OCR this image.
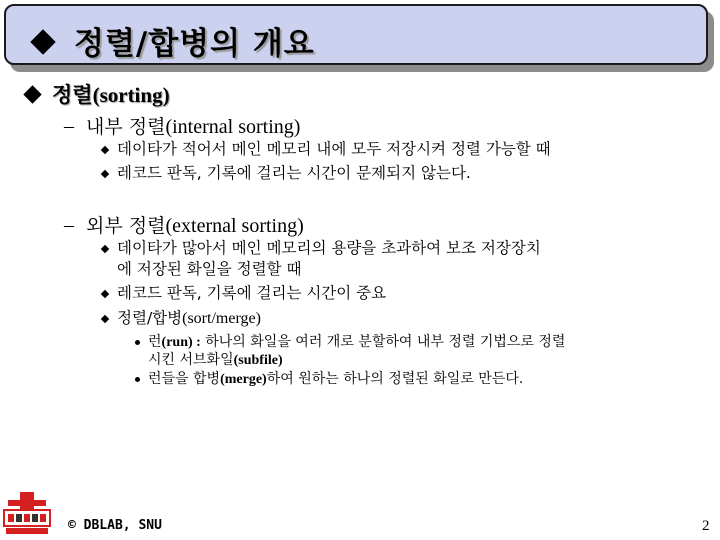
정렬/합병의 개요
정렬(sorting)
– 내부 정렬(internal sorting)
데이타가 적어서 메인 메모리 내에 모두 저장시켜 정렬 가능할 때
레코드 판독, 기록에 걸리는 시간이 문제되지 않는다.
– 외부 정렬(external sorting)
데이타가 많아서 메인 메모리의 용량을 초과하여 보조 저장장치
에 저장된 화일을 정렬할 때
레코드 판독, 기록에 걸리는 시간이 중요
정렬/합병(sort/merge)
런(run) : 하나의 화일을 여러 개로 분할하여 내부 정렬 기법으로 정렬
시킨 서브화일(subfile)
런들을 합병(merge)하여 원하는 하나의 정렬된 화일로 만든다.
© DBLAB, SNU	2
